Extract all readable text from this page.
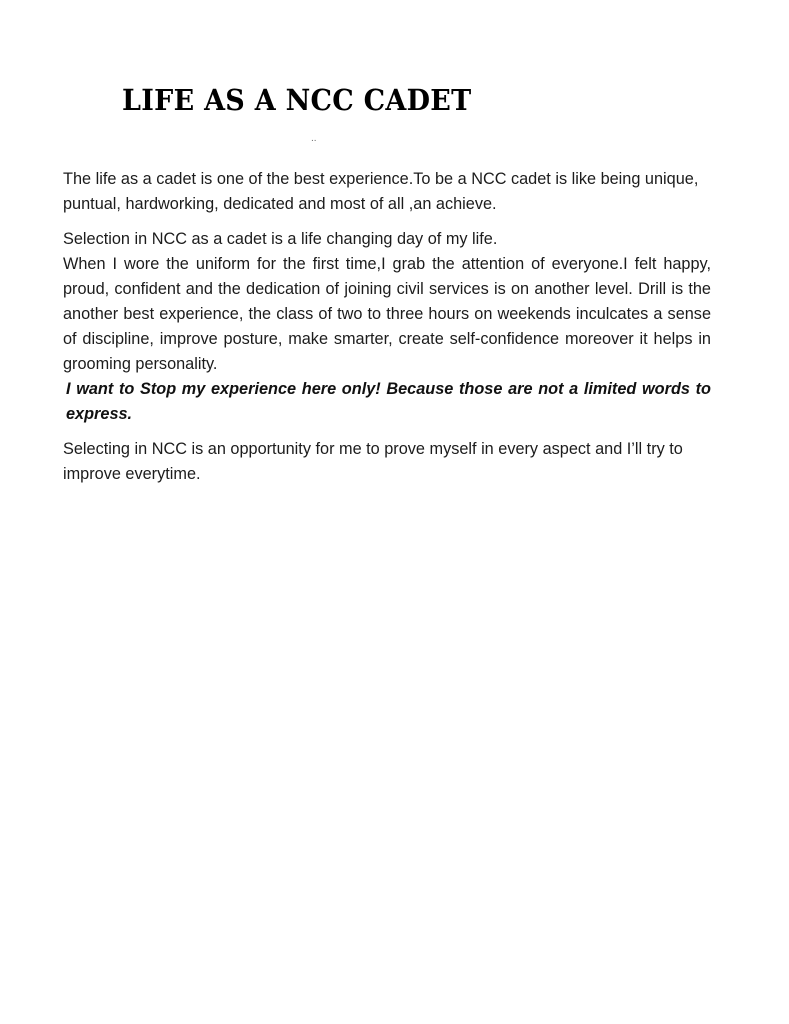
LIFE AS A NCC CADET
..

The life as a cadet is one of the best experience.To be a NCC cadet is like being unique, puntual, hardworking, dedicated and most of all ,an achieve.

Selection in NCC as a cadet is a life changing day of my life.

When I wore the uniform for the first time,I grab the attention of everyone.I felt happy, proud, confident and the dedication of joining civil services is on another level. Drill is the another best experience, the class of two to three hours on weekends inculcates a sense of discipline, improve posture, make smarter, create self-confidence moreover it helps in grooming personality.
I want to Stop my experience here only! Because those are not a limited words to express.

Selecting in NCC is an opportunity for me to prove myself in every aspect and I’ll try to improve everytime.
